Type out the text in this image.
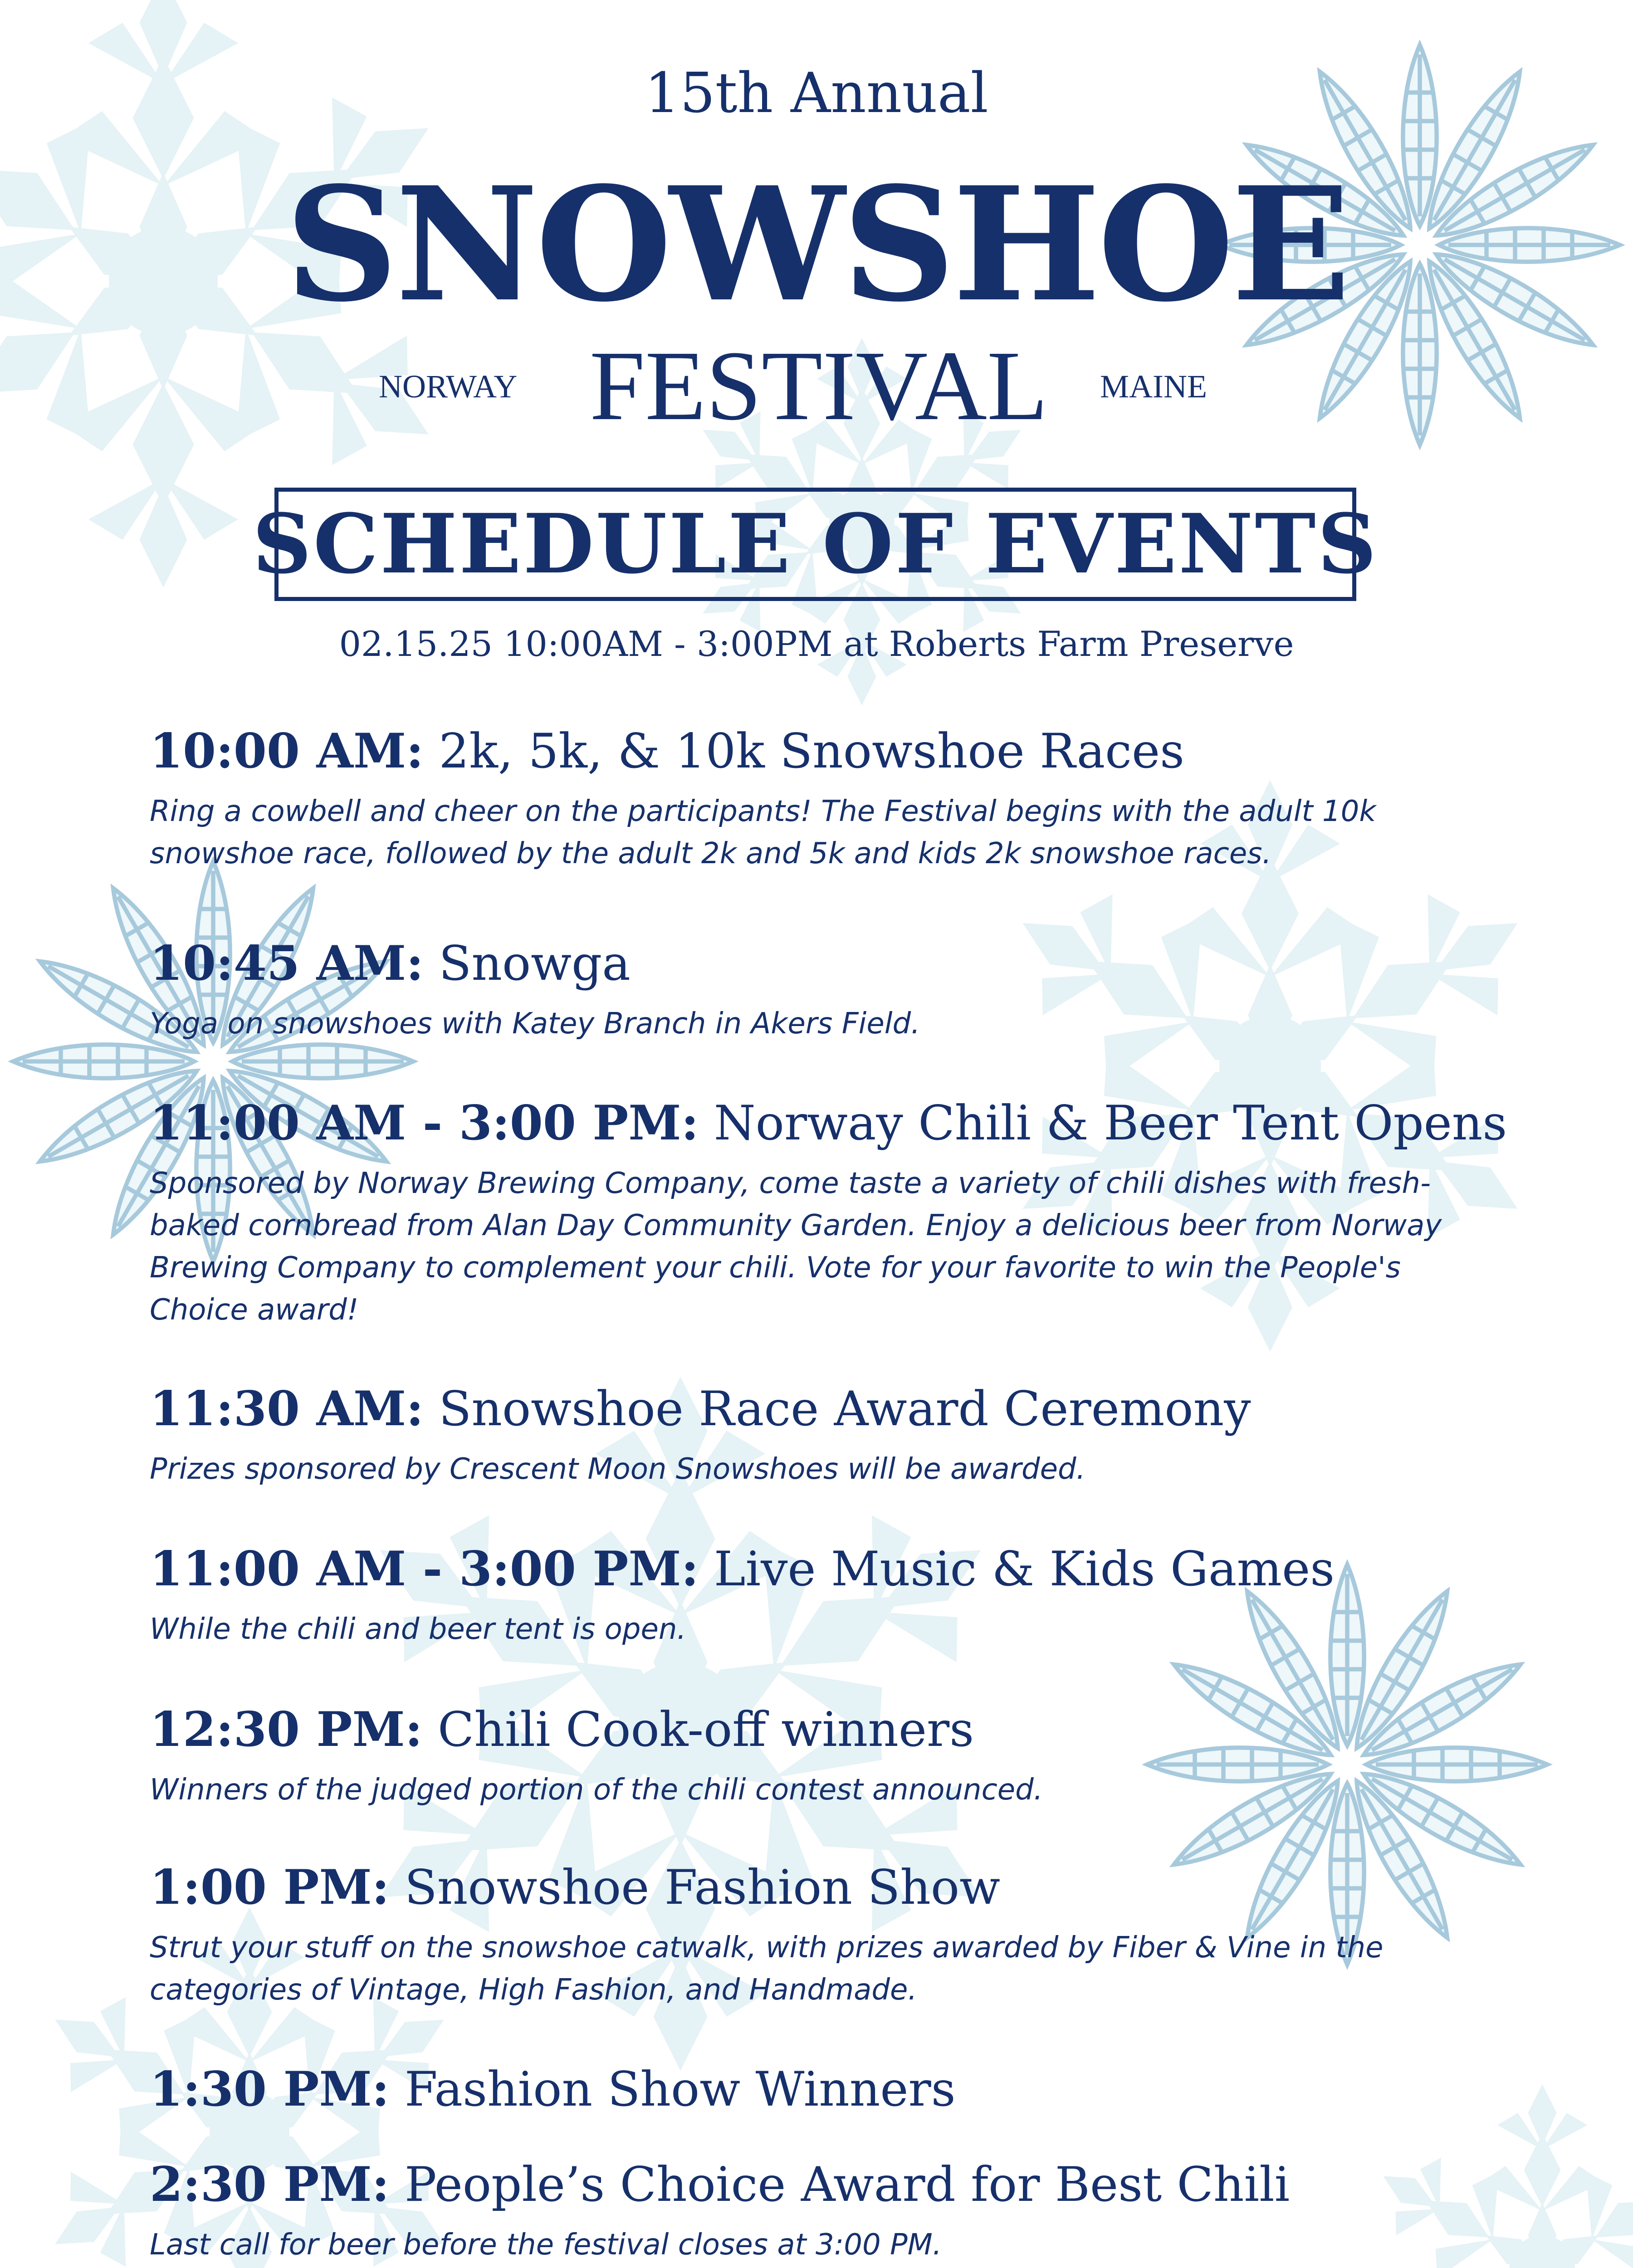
15th Annual
SNOWSHOE
NORWAY FESTIVAL	MAINE
SCHEDULE OF EVENTS
02.15.25 10:00AM - 3:00PM at Roberts Farm Preserve
10:00 AM: 2k, 5k, & 10k Snowshoe Races
Ring a cowbell and cheer on the participants! The Festival begins with the adult 10k snowshoe race, followed by the adult 2k and 5k and kids 2k snowshoe races.
10:45 AM: Snowga
Yoga on snowshoes with Katey Branch in Akers Field.
11:00 AM - 3:00 PM: Norway Chili & Beer Tent Opens
Sponsored by Norway Brewing Company, come taste a variety of chili dishes with fresh-baked cornbread from Alan Day Community Garden. Enjoy a delicious beer from Norway Brewing Company to complement your chili. Vote for your favorite to win the People's Choice award!
11:30 AM: Snowshoe Race Award Ceremony
Prizes sponsored by Crescent Moon Snowshoes will be awarded.
11:00 AM - 3:00 PM: Live Music & Kids Games
While the chili and beer tent is open.
12:30 PM: Chili Cook-off winners
Winners of the judged portion of the chili contest announced.
1:00 PM: Snowshoe Fashion Show
Strut your stuff on the snowshoe catwalk, with prizes awarded by Fiber & Vine in the categories of Vintage, High Fashion, and Handmade.
1:30 PM: Fashion Show Winners
2:30 PM: People’s Choice Award for Best Chili
Last call for beer before the festival closes at 3:00 PM.
